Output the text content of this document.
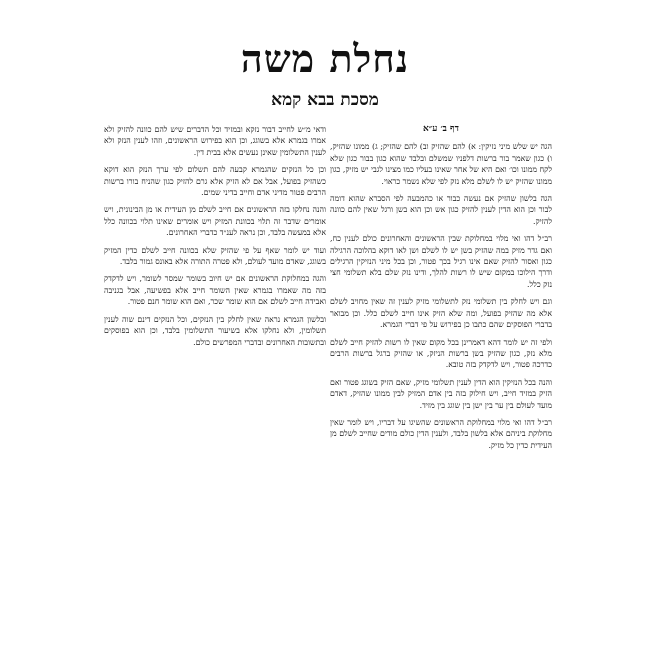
נחלת משה
מסכת בבא קמא
דף ב׳ ע״א

הגה יש שלש מיני נזיקין: א) להם שהזיק וב) להם שהזיק; ג) ממונו שהזיק, ו) כגון שאמר בור ברשות דלפניו שמשלם ובלבד שהוא כגון בבור כגון שלא לקח ממונו וכו׳ ואם היא של אחר שאינו בעליו כמו מצינו לגבי יש מזיק, כגון ממונו שהזיק יש לו לשלם מלא נזק לפי שלא נשמר כראוי.

הגה בלשון שהזיק אם נעשה כבור או כהמבעה לפי הסברא שהוא דומה לבור וכן הוא הדין לענין להזיק כגון אש וכן הוא בשן ורגל שאין להם כוונה להזיק.

רב״ל דהו ואי מלוי במחלוקת שבין הראשונים והאחרונים כולם לענין כח, ואם גדר מזיק במה שהזיק בשן יש לו לשלם ושן לאו דוקא בהלוכה הרגילה כגון ואסור להזיק שאם אינו רגיל בכך פטור, וכן בכל מיני הנזיקין הרגילים ודרך הילוכו במקום שיש לו רשות להלך, ודינו נזק שלם בלא תשלומי חצי נזק כלל.

וגם ויש לחלק בין תשלומי נזק לתשלומי מזיק לענין זה שאין מחויב לשלם אלא מה שהזיק בפועל, ומה שלא הזיק אינו חייב לשלם כלל. וכן מבואר בדברי הפוסקים שהם כתבו כן בפירוש על פי דברי הגמרא.

ולפי זה יש לומר דהא דאמרינן בכל מקום שאין לו רשות להזיק חייב לשלם מלא נזק, כגון שהזיק בשן ברשות הניזק, או שהזיק ברגל ברשות הרבים כדרכה פטור, ויש לדקדק בזה טובא.

והנה בכל הנזיקין הוא הדין לענין תשלומי מזיק, שאם הזיק בשוגג פטור ואם הזיק במזיד חייב, ויש חילוק בזה בין אדם המזיק לבין ממונו שהזיק, דאדם מועד לעולם בין ער בין ישן בין שוגג בין מזיד.

רב״ל דהו ואי מלוי במחלוקת הראשונים שהשיגו על דבריו, ויש לומר שאין מחלוקת ביניהם אלא בלשון בלבד, ולענין הדין כולם מודים שחייב לשלם מן העידית כדין כל מזיק.

ודאי מ״ש לחייב דבור נזקא ובמזיד וכל הדברים שיש להם כוונה להזיק ולא אמרו בגמרא אלא בשוגג, וכן הוא בפירוש הראשונים, וזהו לענין הנזק ולא לענין התשלומין שאינן נעשים אלא בבית דין.

וכן כל הנזקים שהגמרא קבעה להם תשלום לפי ערך הנזק הוא דוקא כשהזיק בפועל, אבל אם לא הזיק אלא גרם להזיק כגון שהניח בורו ברשות הרבים פטור מדיני אדם וחייב בדיני שמים.

והנה נחלקו בזה הראשונים אם חייב לשלם מן העידית או מן הבינונית, ויש אומרים שדבר זה תלוי בכוונת המזיק ויש אומרים שאינו תלוי בכוונה כלל אלא במעשה בלבד, וכן נראה לענ״ד כדברי האחרונים.

ועוד יש לומר שאף על פי שהזיק שלא בכוונה חייב לשלם כדין המזיק בשוגג, שאדם מועד לעולם, ולא פטרה התורה אלא באונס גמור בלבד.

והגה במחלוקת הראשונים אם יש חיוב בשומר שמסר לשומר, ויש לדקדק בזה מה שאמרו בגמרא שאין השומר חייב אלא בפשיעה, אבל בגניבה ואבידה חייב לשלם אם הוא שומר שכר, ואם הוא שומר חנם פטור.

ובלשון הגמרא נראה שאין לחלק בין הנזקים, וכל הנזקים דינם שוה לענין תשלומין, ולא נחלקו אלא בשיעור התשלומין בלבד, וכן הוא בפוסקים ובתשובות האחרונים ובדברי המפרשים כולם.
